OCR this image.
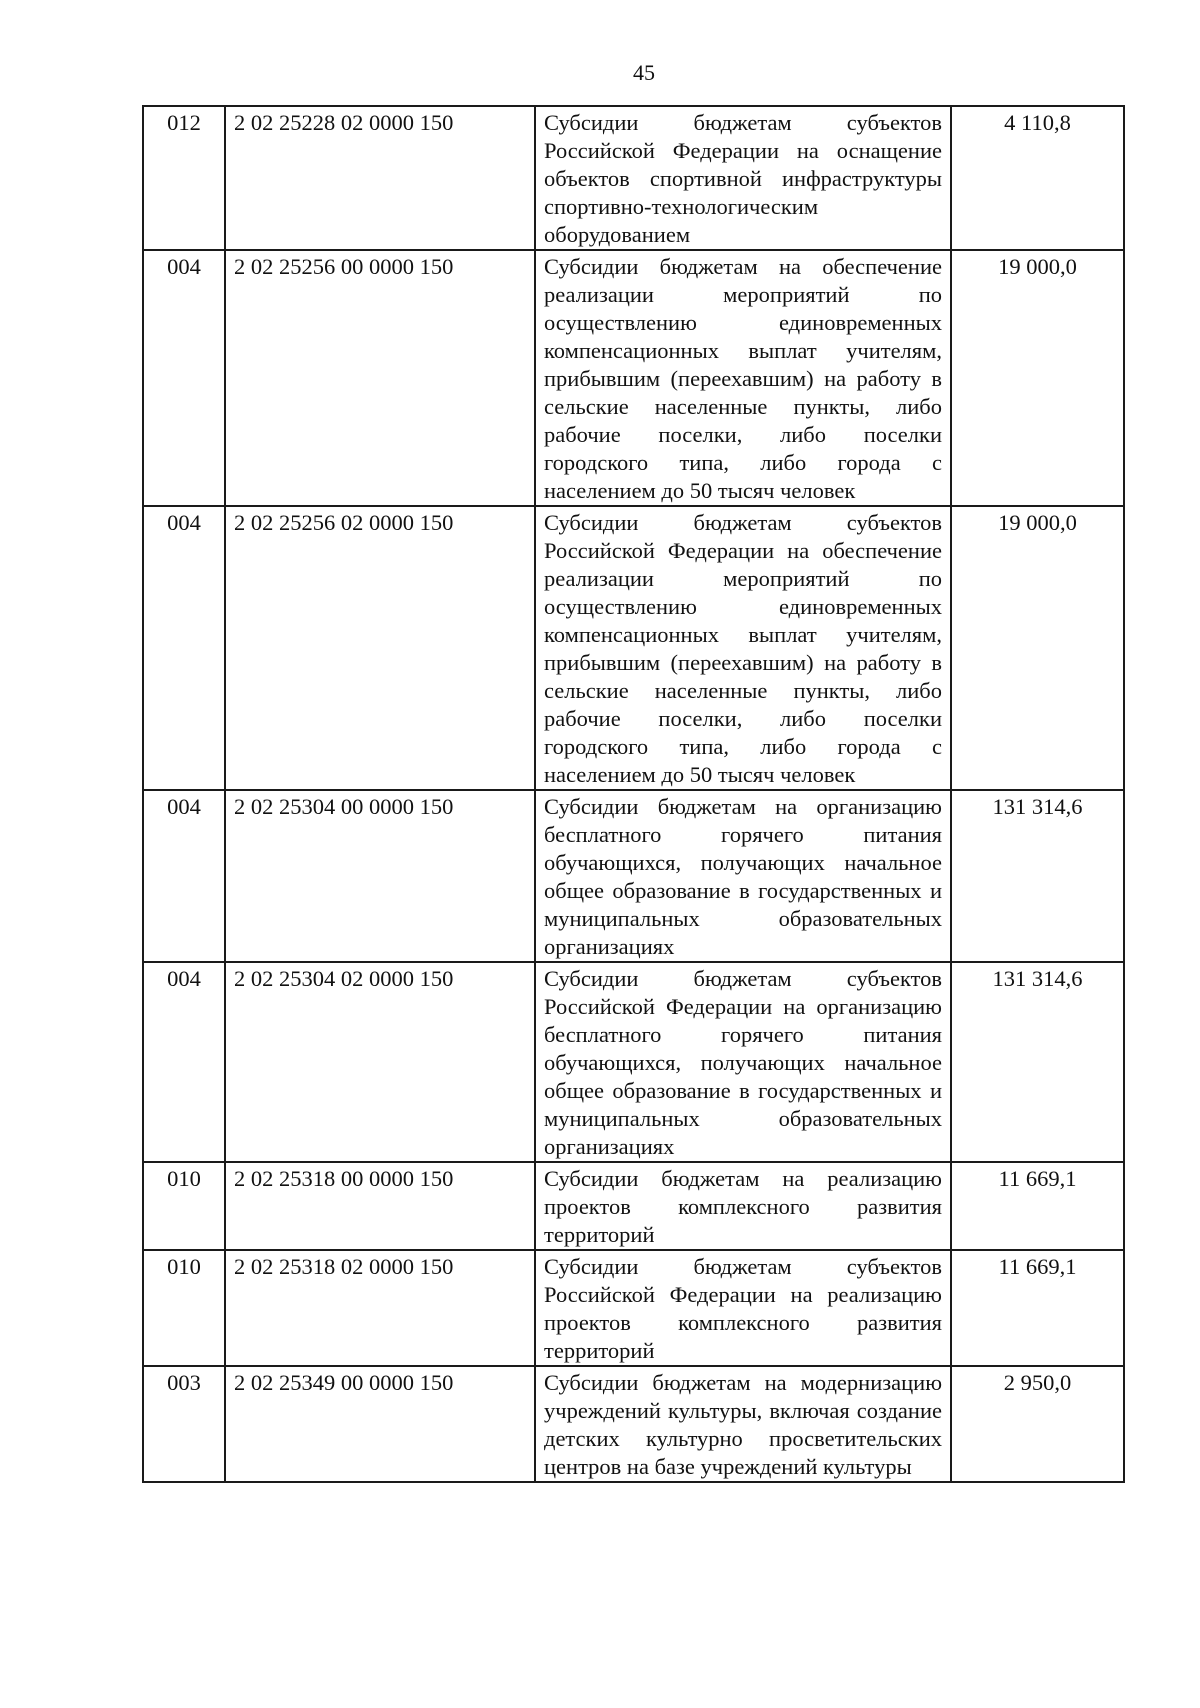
45
012	2 02 25228 02 0000 150	Субсидии бюджетам субъектов Российской Федерации на оснащение объектов спортивной инфраструктуры спортивно-технологическим оборудованием	4 110,8
004	2 02 25256 00 0000 150	Субсидии бюджетам на обеспечение реализации мероприятий по осуществлению единовременных компенсационных выплат учителям, прибывшим (переехавшим) на работу в сельские населенные пункты, либо рабочие поселки, либо поселки городского типа, либо города с населением до 50 тысяч человек	19 000,0
004	2 02 25256 02 0000 150	Субсидии бюджетам субъектов Российской Федерации на обеспечение реализации мероприятий по осуществлению единовременных компенсационных выплат учителям, прибывшим (переехавшим) на работу в сельские населенные пункты, либо рабочие поселки, либо поселки городского типа, либо города с населением до 50 тысяч человек	19 000,0
004	2 02 25304 00 0000 150	Субсидии бюджетам на организацию бесплатного горячего питания обучающихся, получающих начальное общее образование в государственных и муниципальных образовательных организациях	131 314,6
004	2 02 25304 02 0000 150	Субсидии бюджетам субъектов Российской Федерации на организацию бесплатного горячего питания обучающихся, получающих начальное общее образование в государственных и муниципальных образовательных организациях	131 314,6
010	2 02 25318 00 0000 150	Субсидии бюджетам на реализацию проектов комплексного развития территорий	11 669,1
010	2 02 25318 02 0000 150	Субсидии бюджетам субъектов Российской Федерации на реализацию проектов комплексного развития территорий	11 669,1
003	2 02 25349 00 0000 150	Субсидии бюджетам на модернизацию учреждений культуры, включая создание детских культурно просветительских центров на базе учреждений культуры	2 950,0
